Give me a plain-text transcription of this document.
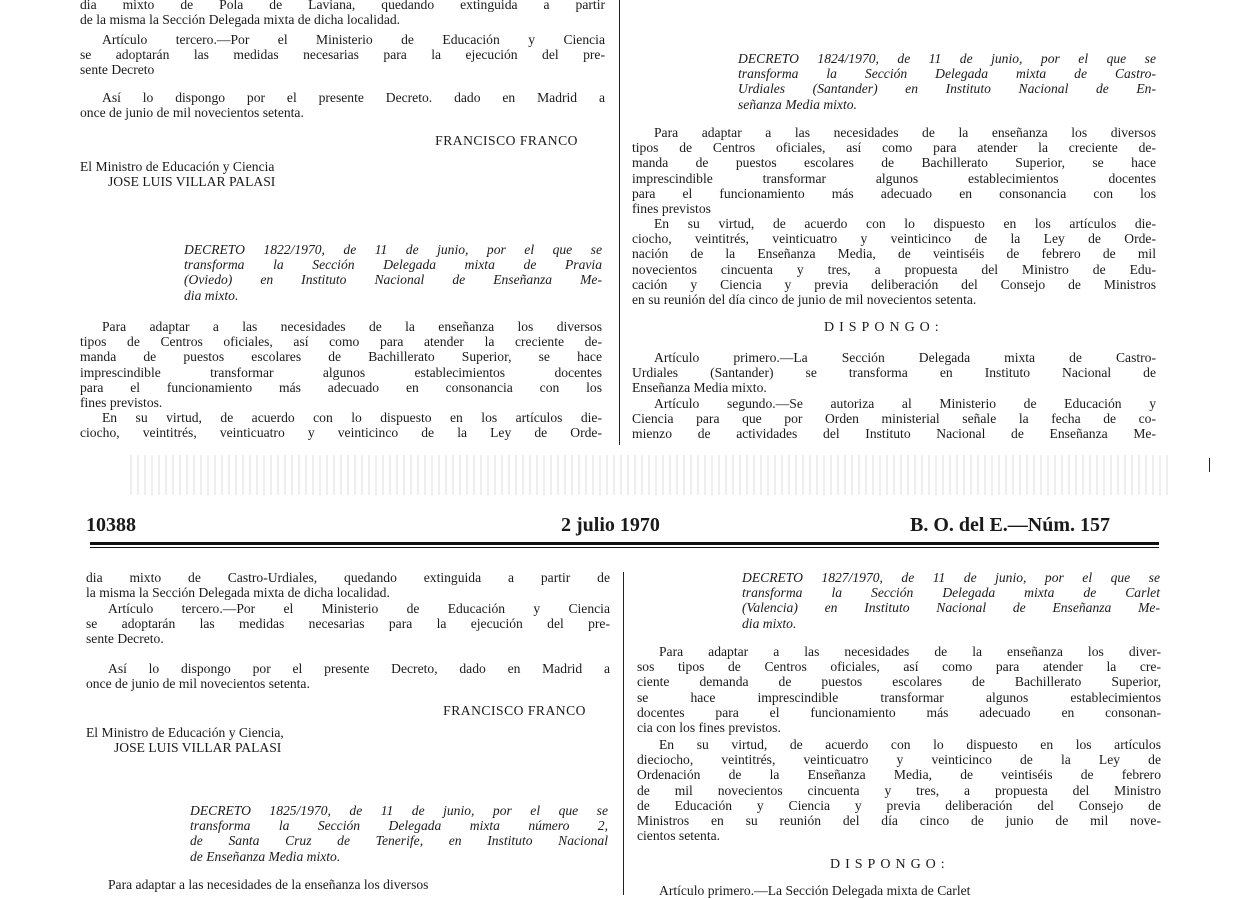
dia mixto de Pola de Laviana, quedando extinguida a partir

de la misma la Sección Delegada mixta de dicha localidad.

Artículo tercero.—Por el Ministerio de Educación y Ciencia

se adoptarán las medidas necesarias para la ejecución del pre-

sente Decreto

Así lo dispongo por el presente Decreto. dado en Madrid a

once de junio de mil novecientos setenta.

FRANCISCO FRANCO

El Ministro de Educación y Ciencia

JOSE LUIS VILLAR PALASI

DECRETO 1822/1970, de 11 de junio, por el que se

transforma la Sección Delegada mixta de Pravia

(Oviedo) en Instituto Nacional de Enseñanza Me-

dia mixto.

Para adaptar a las necesidades de la enseñanza los diversos

tipos de Centros oficiales, así como para atender la creciente de-

manda de puestos escolares de Bachillerato Superior, se hace

imprescindible transformar algunos establecimientos docentes

para el funcionamiento más adecuado en consonancia con los

fines previstos.

En su virtud, de acuerdo con lo dispuesto en los artículos die-

ciocho, veintitrés, veinticuatro y veinticinco de la Ley de Orde-

DECRETO 1824/1970, de 11 de junio, por el que se

transforma la Sección Delegada mixta de Castro-

Urdiales (Santander) en Instituto Nacional de En-

señanza Media mixto.

Para adaptar a las necesidades de la enseñanza los diversos

tipos de Centros oficiales, así como para atender la creciente de-

manda de puestos escolares de Bachillerato Superior, se hace

imprescindible transformar algunos establecimientos docentes

para el funcionamiento más adecuado en consonancia con los

fines previstos

En su virtud, de acuerdo con lo dispuesto en los artículos die-

ciocho, veintitrés, veinticuatro y veinticinco de la Ley de Orde-

nación de la Enseñanza Media, de veintiséis de febrero de mil

novecientos cincuenta y tres, a propuesta del Ministro de Edu-

cación y Ciencia y previa deliberación del Consejo de Ministros

en su reunión del día cinco de junio de mil novecientos setenta.

DISPONGO:

Artículo primero.—La Sección Delegada mixta de Castro-

Urdiales (Santander) se transforma en Instituto Nacional de

Enseñanza Media mixto.

Artículo segundo.—Se autoriza al Ministerio de Educación y

Ciencia para que por Orden ministerial señale la fecha de co-

mienzo de actividades del Instituto Nacional de Enseñanza Me-

10388	2 julio 1970	B. O. del E.—Núm. 157

dia mixto de Castro-Urdiales, quedando extinguida a partir de

la misma la Sección Delegada mixta de dicha localidad.

Artículo tercero.—Por el Ministerio de Educación y Ciencia

se adoptarán las medidas necesarias para la ejecución del pre-

sente Decreto.

Así lo dispongo por el presente Decreto, dado en Madrid a

once de junio de mil novecientos setenta.

FRANCISCO FRANCO

El Ministro de Educación y Ciencia,

JOSE LUIS VILLAR PALASI

DECRETO 1825/1970, de 11 de junio, por el que se

transforma la Sección Delegada mixta número 2,

de Santa Cruz de Tenerife, en Instituto Nacional

de Enseñanza Media mixto.

Para adaptar a las necesidades de la enseñanza los diversos

DECRETO 1827/1970, de 11 de junio, por el que se

transforma la Sección Delegada mixta de Carlet

(Valencia) en Instituto Nacional de Enseñanza Me-

dia mixto.

Para adaptar a las necesidades de la enseñanza los diver-

sos tipos de Centros oficiales, así como para atender la cre-

ciente demanda de puestos escolares de Bachillerato Superior,

se hace imprescindible transformar algunos establecimientos

docentes para el funcionamiento más adecuado en consonan-

cia con los fines previstos.

En su virtud, de acuerdo con lo dispuesto en los artículos

dieciocho, veintitrés, veinticuatro y veinticinco de la Ley de

Ordenación de la Enseñanza Media, de veintiséis de febrero

de mil novecientos cincuenta y tres, a propuesta del Ministro

de Educación y Ciencia y previa deliberación del Consejo de

Ministros en su reunión del día cinco de junio de mil nove-

cientos setenta.

DISPONGO:

Artículo primero.—La Sección Delegada mixta de Carlet
